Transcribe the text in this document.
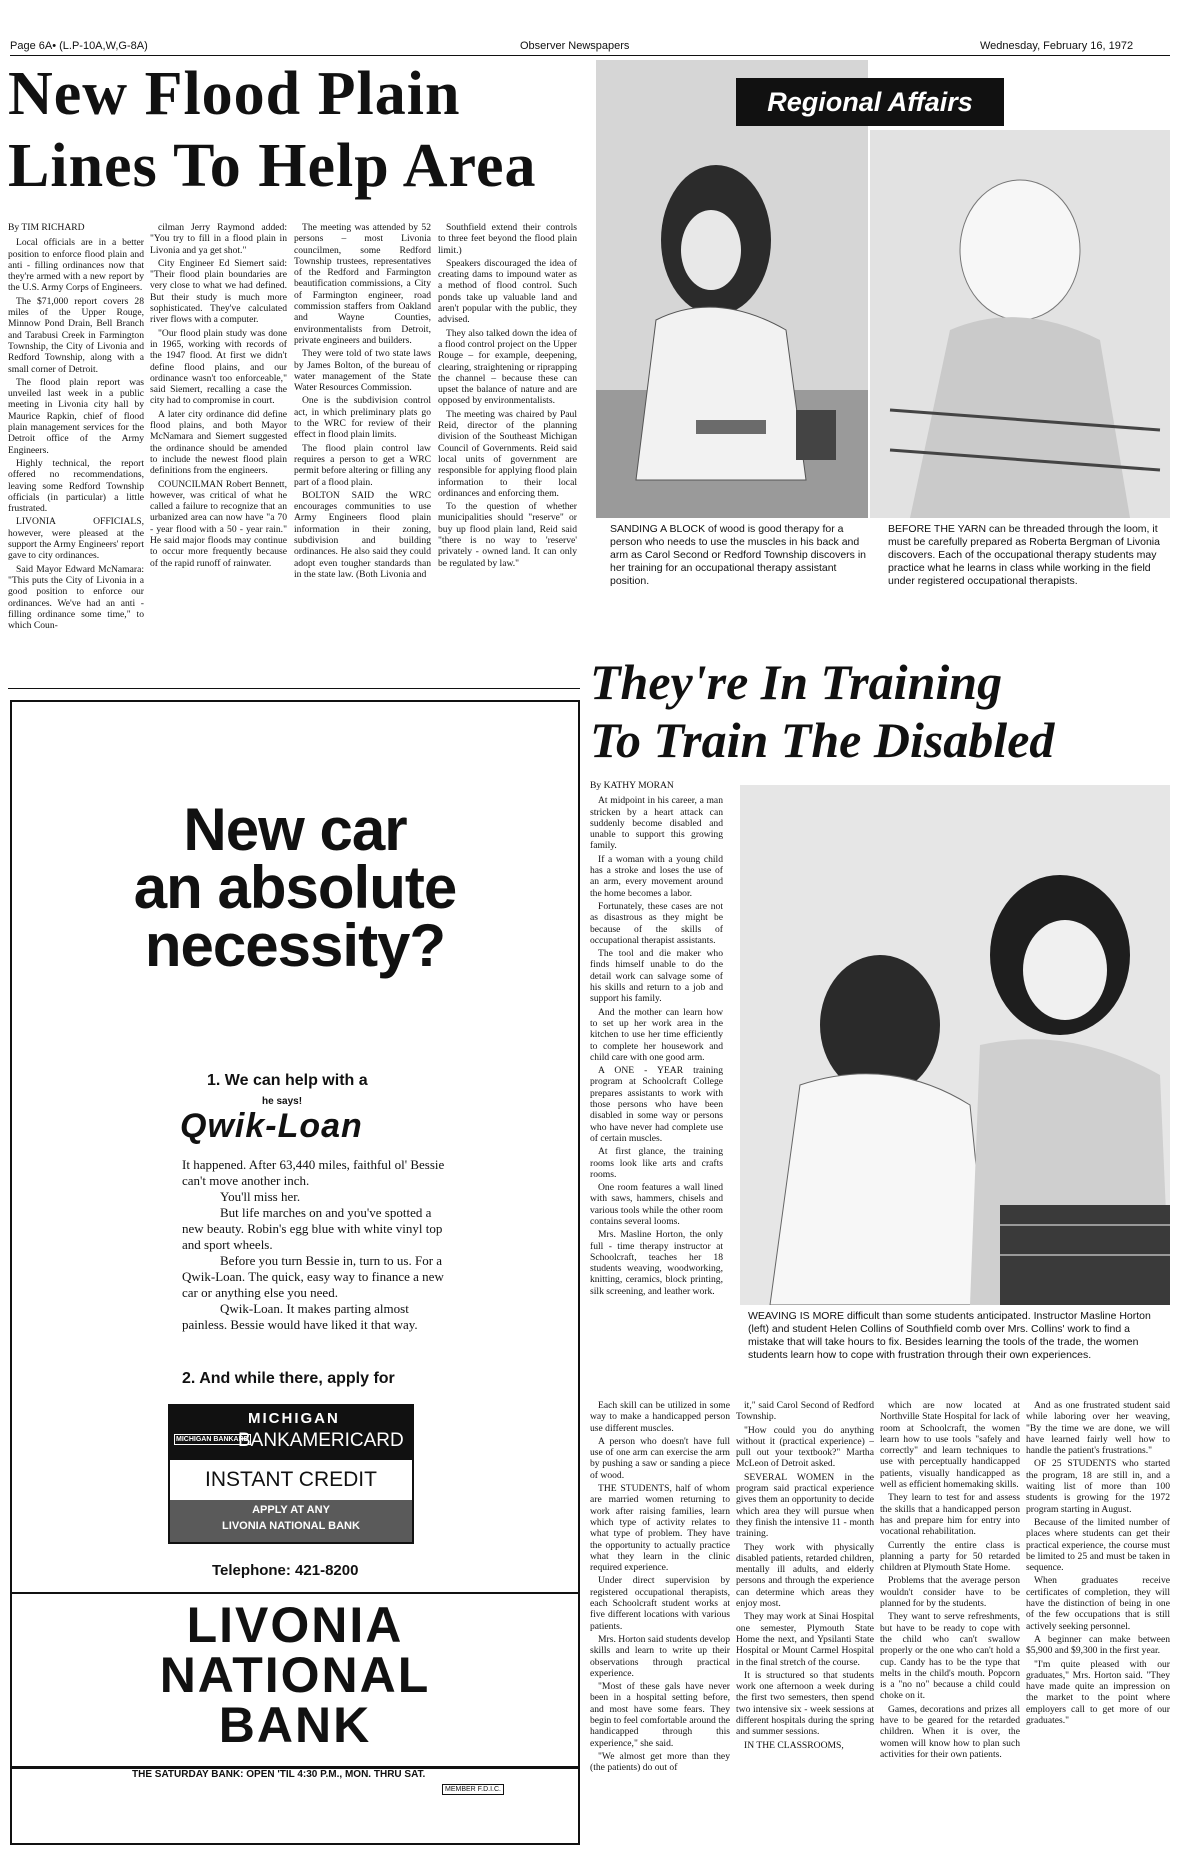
Page 6A• (L.P-10A,W,G-8A)	Observer Newspapers	Wednesday, February 16, 1972
New Flood Plain
Lines To Help Area

By TIM RICHARD

Local officials are in a better position to enforce flood plain and anti - filling ordinances now that they're armed with a new report by the U.S. Army Corps of Engineers.

The $71,000 report covers 28 miles of the Upper Rouge, Minnow Pond Drain, Bell Branch and Tarabusi Creek in Farmington Township, the City of Livonia and Redford Township, along with a small corner of Detroit.

The flood plain report was unveiled last week in a public meeting in Livonia city hall by Maurice Rapkin, chief of flood plain management services for the Detroit office of the Army Engineers.

Highly technical, the report offered no recommendations, leaving some Redford Township officials (in particular) a little frustrated.

LIVONIA OFFICIALS, however, were pleased at the support the Army Engineers' report gave to city ordinances.

Said Mayor Edward McNamara: "This puts the City of Livonia in a good position to enforce our ordinances. We've had an anti - filling ordinance some time," to which Coun-

cilman Jerry Raymond added: "You try to fill in a flood plain in Livonia and ya get shot."

City Engineer Ed Siemert said: "Their flood plain boundaries are very close to what we had defined. But their study is much more sophisticated. They've calculated river flows with a computer.

"Our flood plain study was done in 1965, working with records of the 1947 flood. At first we didn't define flood plains, and our ordinance wasn't too enforceable," said Siemert, recalling a case the city had to compromise in court.

A later city ordinance did define flood plains, and both Mayor McNamara and Siemert suggested the ordinance should be amended to include the newest flood plain definitions from the engineers.

COUNCILMAN Robert Bennett, however, was critical of what he called a failure to recognize that an urbanized area can now have "a 70 - year flood with a 50 - year rain." He said major floods may continue to occur more frequently because of the rapid runoff of rainwater.

The meeting was attended by 52 persons – most Livonia councilmen, some Redford Township trustees, representatives of the Redford and Farmington beautification commissions, a City of Farmington engineer, road commission staffers from Oakland and Wayne Counties, environmentalists from Detroit, private engineers and builders.

They were told of two state laws by James Bolton, of the bureau of water management of the State Water Resources Commission.

One is the subdivision control act, in which preliminary plats go to the WRC for review of their effect in flood plain limits.

The flood plain control law requires a person to get a WRC permit before altering or filling any part of a flood plain.

BOLTON SAID the WRC encourages communities to use Army Engineers flood plain information in their zoning, subdivision and building ordinances. He also said they could adopt even tougher standards than in the state law. (Both Livonia and

Southfield extend their controls to three feet beyond the flood plain limit.)

Speakers discouraged the idea of creating dams to impound water as a method of flood control. Such ponds take up valuable land and aren't popular with the public, they advised.

They also talked down the idea of a flood control project on the Upper Rouge – for example, deepening, clearing, straightening or riprapping the channel – because these can upset the balance of nature and are opposed by environmentalists.

The meeting was chaired by Paul Reid, director of the planning division of the Southeast Michigan Council of Governments. Reid said local units of government are responsible for applying flood plain information to their local ordinances and enforcing them.

To the question of whether municipalities should "reserve" or buy up flood plain land, Reid said "there is no way to 'reserve' privately - owned land. It can only be regulated by law."

Regional Affairs
SANDING A BLOCK of wood is good therapy for a person who needs to use the muscles in his back and arm as Carol Second or Redford Township discovers in her training for an occupational therapy assistant position.
BEFORE THE YARN can be threaded through the loom, it must be carefully prepared as Roberta Bergman of Livonia discovers. Each of the occupational therapy students may practice what he learns in class while working in the field under registered occupational therapists.
They're In Training
To Train The Disabled
New car
an absolute
necessity?
1. We can help with a
he says!
Qwik-Loan
It happened. After 63,440 miles, faithful ol' Bessie can't move another inch.
You'll miss her.
But life marches on and you've spotted a new beauty. Robin's egg blue with white vinyl top and sport wheels.
Before you turn Bessie in, turn to us. For a Qwik-Loan. The quick, easy way to finance a new car or anything else you need.
Qwik-Loan. It makes parting almost painless. Bessie would have liked it that way.
2. And while there, apply for
MICHIGAN
MICHIGAN BANKARD
BANKAMERICARD
INSTANT CREDIT
APPLY AT ANY
LIVONIA NATIONAL BANK
Telephone: 421-8200
LIVONIA
NATIONAL
BANK
THE SATURDAY BANK: OPEN 'TIL 4:30 P.M., MON. THRU SAT.
MEMBER F.D.I.C.

By KATHY MORAN

At midpoint in his career, a man stricken by a heart attack can suddenly become disabled and unable to support this growing family.

If a woman with a young child has a stroke and loses the use of an arm, every movement around the home becomes a labor.

Fortunately, these cases are not as disastrous as they might be because of the skills of occupational therapist assistants.

The tool and die maker who finds himself unable to do the detail work can salvage some of his skills and return to a job and support his family.

And the mother can learn how to set up her work area in the kitchen to use her time efficiently to complete her housework and child care with one good arm.

A ONE - YEAR training program at Schoolcraft College prepares assistants to work with those persons who have been disabled in some way or persons who have never had complete use of certain muscles.

At first glance, the training rooms look like arts and crafts rooms.

One room features a wall lined with saws, hammers, chisels and various tools while the other room contains several looms.

Mrs. Masline Horton, the only full - time therapy instructor at Schoolcraft, teaches her 18 students weaving, woodworking, knitting, ceramics, block printing, silk screening, and leather work.

WEAVING IS MORE difficult than some students anticipated. Instructor Masline Horton (left) and student Helen Collins of Southfield comb over Mrs. Collins' work to find a mistake that will take hours to fix. Besides learning the tools of the trade, the women students learn how to cope with frustration through their own experiences.

Each skill can be utilized in some way to make a handicapped person use different muscles.

A person who doesn't have full use of one arm can exercise the arm by pushing a saw or sanding a piece of wood.

THE STUDENTS, half of whom are married women returning to work after raising families, learn which type of activity relates to what type of problem. They have the opportunity to actually practice what they learn in the clinic required experience.

Under direct supervision by registered occupational therapists, each Schoolcraft student works at five different locations with various patients.

Mrs. Horton said students develop skills and learn to write up their observations through practical experience.

"Most of these gals have never been in a hospital setting before, and most have some fears. They begin to feel comfortable around the handicapped through this experience," she said.

"We almost get more than they (the patients) do out of

it," said Carol Second of Redford Township.

"How could you do anything without it (practical experience) – pull out your textbook?" Martha McLeon of Detroit asked.

SEVERAL WOMEN in the program said practical experience gives them an opportunity to decide which area they will pursue when they finish the intensive 11 - month training.

They work with physically disabled patients, retarded children, mentally ill adults, and elderly persons and through the experience can determine which areas they enjoy most.

They may work at Sinai Hospital one semester, Plymouth State Home the next, and Ypsilanti State Hospital or Mount Carmel Hospital in the final stretch of the course.

It is structured so that students work one afternoon a week during the first two semesters, then spend two intensive six - week sessions at different hospitals during the spring and summer sessions.

IN THE CLASSROOMS,

which are now located at Northville State Hospital for lack of room at Schoolcraft, the women learn how to use tools "safely and correctly" and learn techniques to use with perceptually handicapped patients, visually handicapped as well as efficient homemaking skills.

They learn to test for and assess the skills that a handicapped person has and prepare him for entry into vocational rehabilitation.

Currently the entire class is planning a party for 50 retarded children at Plymouth State Home.

Problems that the average person wouldn't consider have to be planned for by the students.

They want to serve refreshments, but have to be ready to cope with the child who can't swallow properly or the one who can't hold a cup. Candy has to be the type that melts in the child's mouth. Popcorn is a "no no" because a child could choke on it.

Games, decorations and prizes all have to be geared for the retarded children. When it is over, the women will know how to plan such activities for their own patients.

And as one frustrated student said while laboring over her weaving, "By the time we are done, we will have learned fairly well how to handle the patient's frustrations."

OF 25 STUDENTS who started the program, 18 are still in, and a waiting list of more than 100 students is growing for the 1972 program starting in August.

Because of the limited number of places where students can get their practical experience, the course must be limited to 25 and must be taken in sequence.

When graduates receive certificates of completion, they will have the distinction of being in one of the few occupations that is still actively seeking personnel.

A beginner can make between $5,900 and $9,300 in the first year.

"I'm quite pleased with our graduates," Mrs. Horton said. "They have made quite an impression on the market to the point where employers call to get more of our graduates."
